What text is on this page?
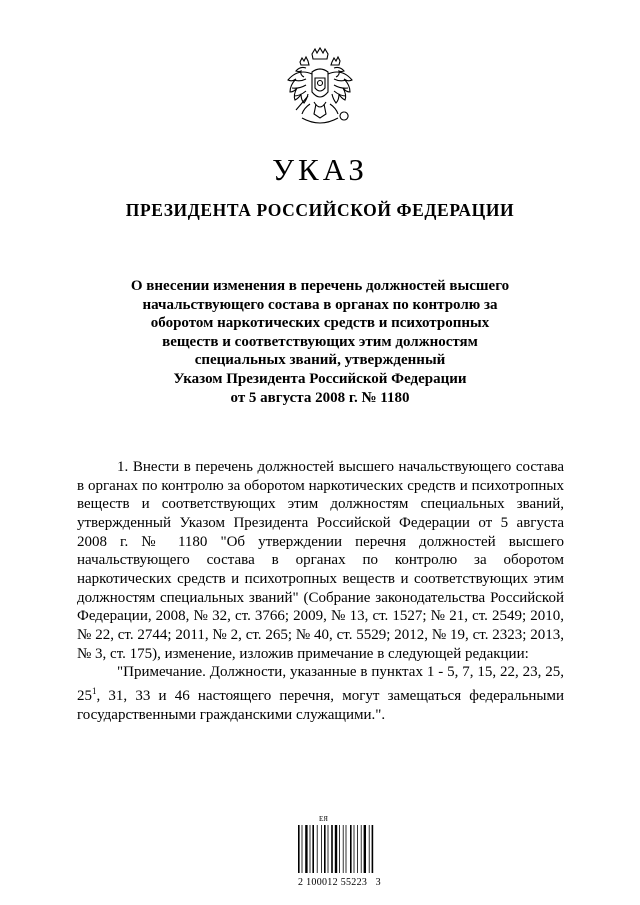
УКАЗ
ПРЕЗИДЕНТА РОССИЙСКОЙ ФЕДЕРАЦИИ
О внесении изменения в перечень должностей высшего
начальствующего состава в органах по контролю за
оборотом наркотических средств и психотропных
веществ и соответствующих этим должностям
специальных званий, утвержденный
Указом Президента Российской Федерации
от 5 августа 2008 г. № 1180

1. Внести в перечень должностей высшего начальствующего состава в органах по контролю за оборотом наркотических средств и психотропных веществ и соответствующих этим должностям специальных званий, утвержденный Указом Президента Российской Федерации от 5 августа 2008 г. № 1180 "Об утверждении перечня должностей высшего начальствующего состава в органах по контролю за оборотом наркотических средств и психотропных веществ и соответствующих этим должностям специальных званий" (Собрание законодательства Российской Федерации, 2008, № 32, ст. 3766; 2009, № 13, ст. 1527; № 21, ст. 2549; 2010, № 22, ст. 2744; 2011, № 2, ст. 265; № 40, ст. 5529; 2012, № 19, ст. 2323; 2013, № 3, ст. 175), изменение, изложив примечание в следующей редакции:

"Примечание. Должности, указанные в пунктах 1 - 5, 7, 15, 22, 23, 25, $25^1$, 31, 33 и 46 настоящего перечня, могут замещаться федеральными государственными гражданскими служащими.".

ЕЯ
2 100012 55223   3
